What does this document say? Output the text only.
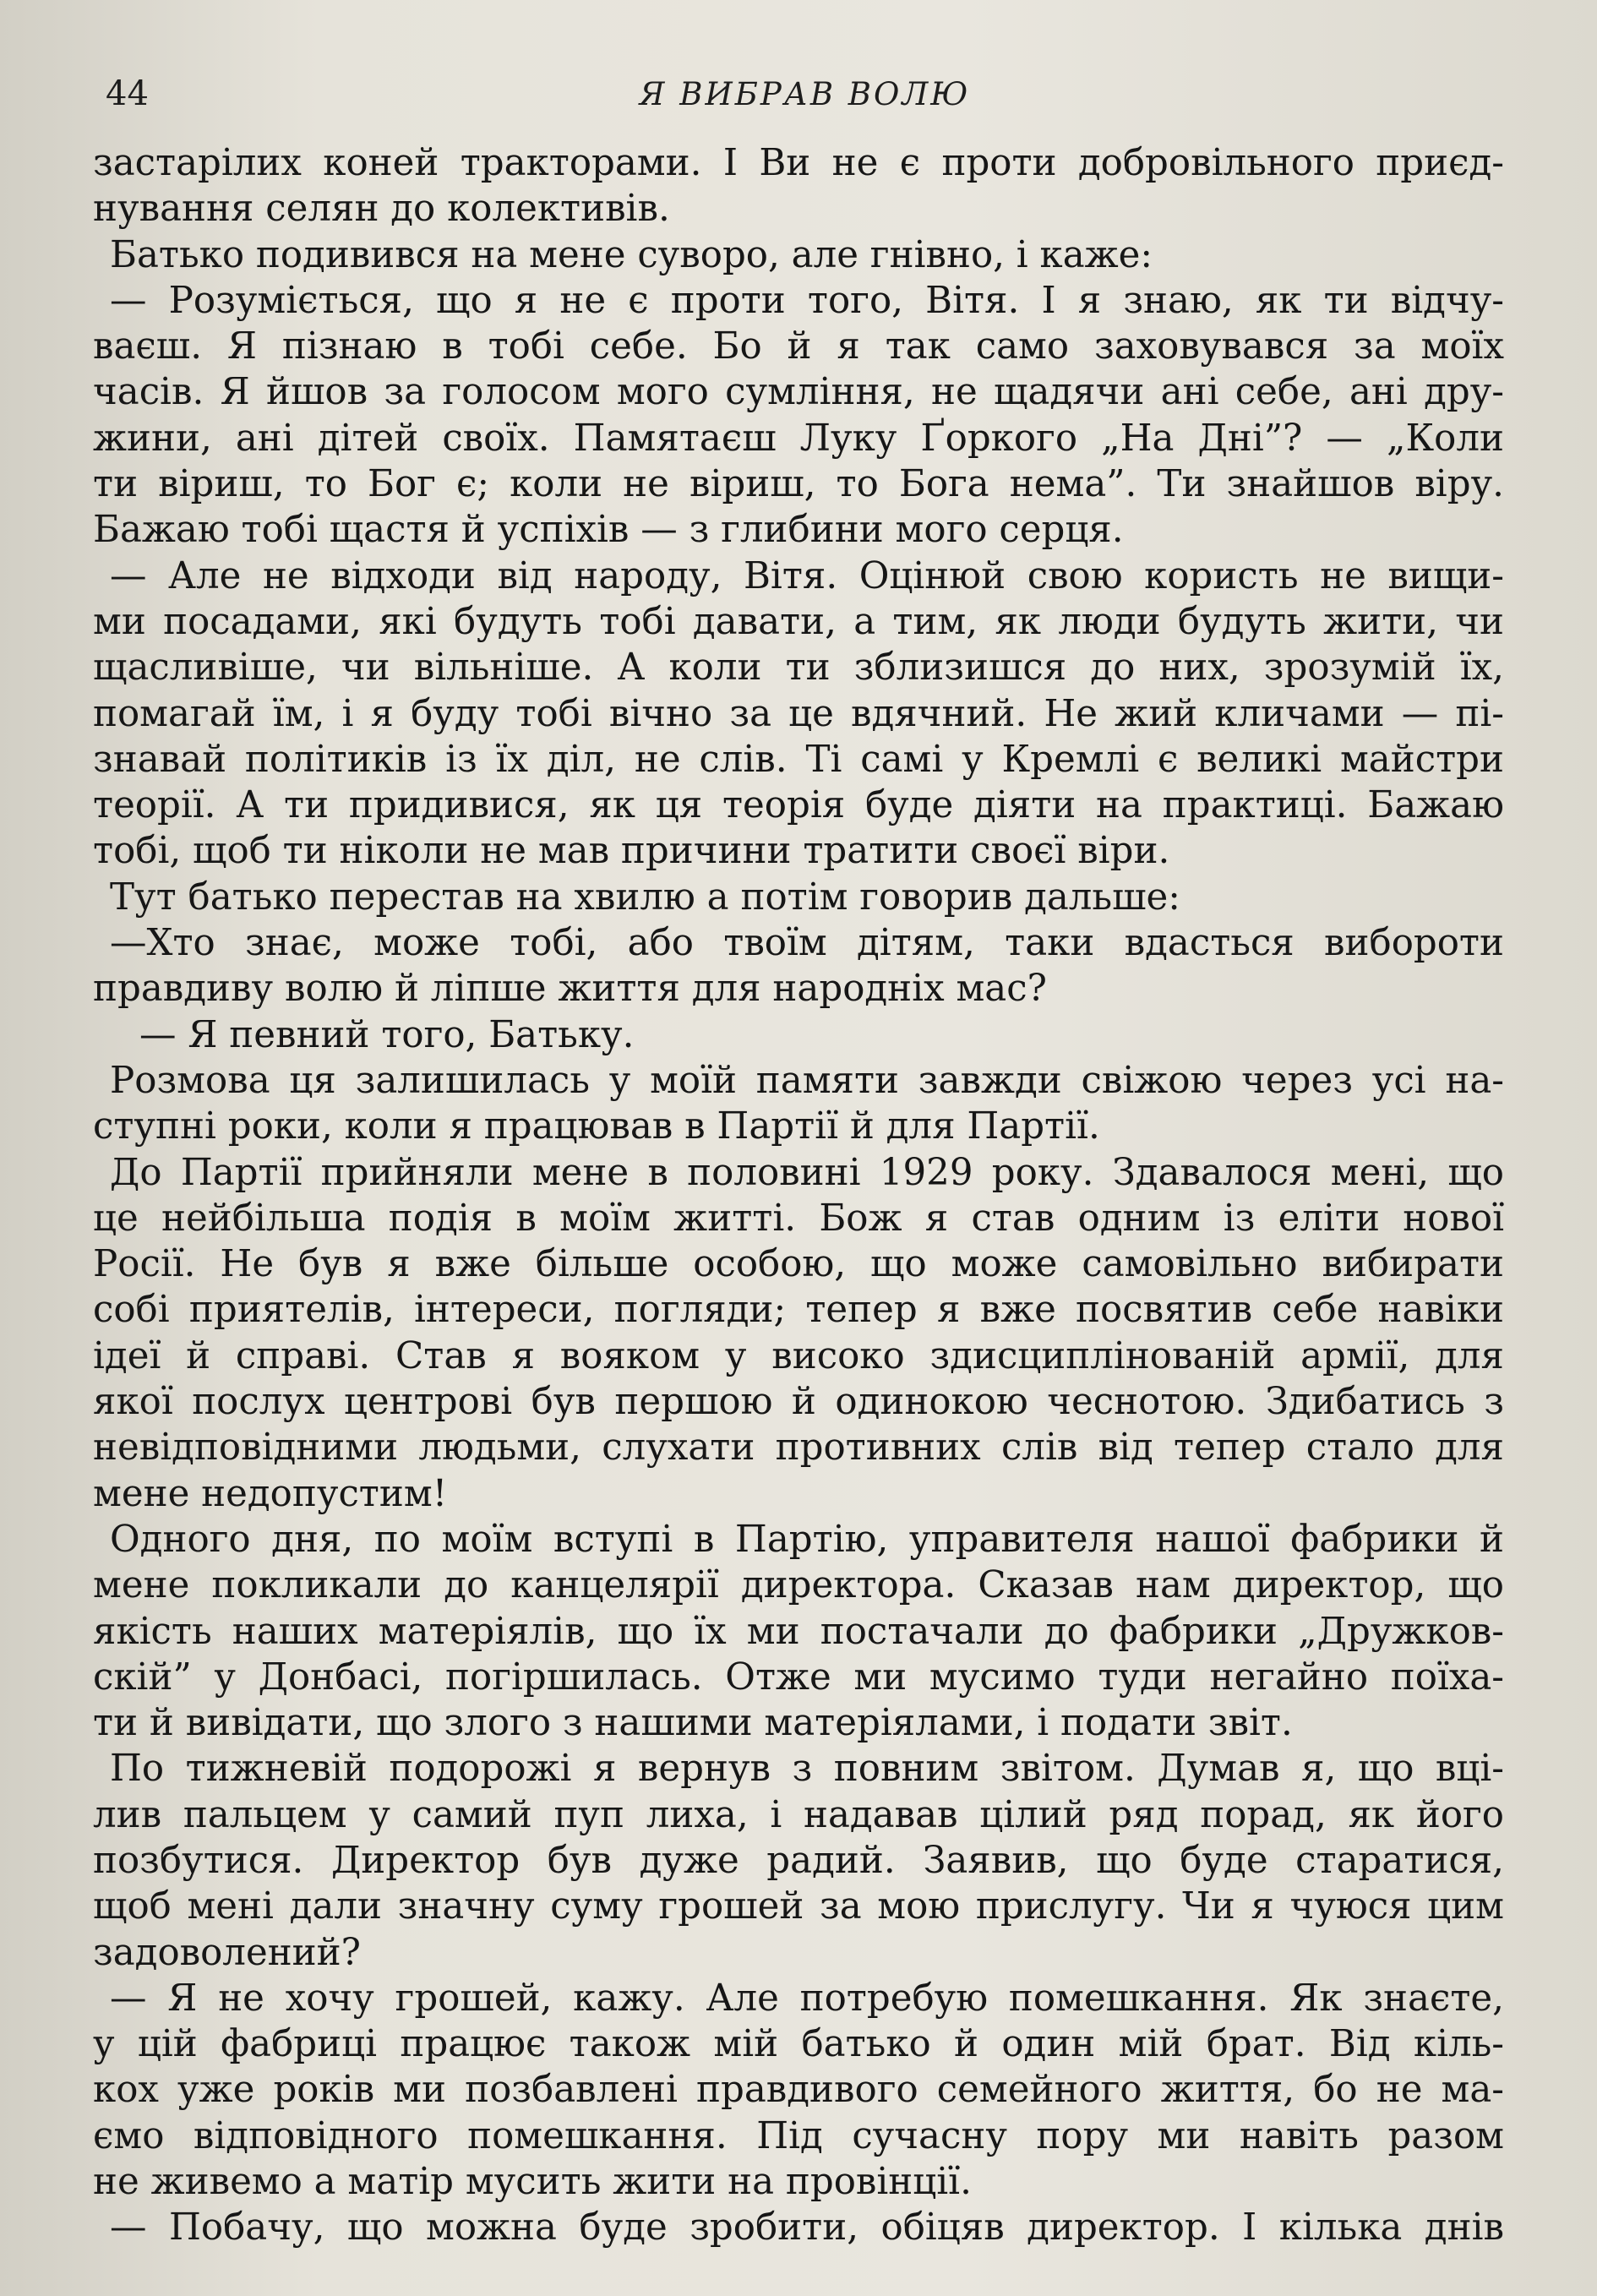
44	Я ВИБРАВ ВОЛЮ
застарілих коней тракторами. І Ви не є проти добровільного приєд-
нування селян до колективів.
Батько подивився на мене суворо, але гнівно, і каже:
— Розуміється, що я не є проти того, Вітя. І я знаю, як ти відчу-
ваєш. Я пізнаю в тобі себе. Бо й я так само заховувався за моїх
часів. Я йшов за голосом мого сумління, не щадячи ані себе, ані дру-
жини, ані дітей своїх. Памятаєш Луку Ґоркого „На Дні”? — „Коли
ти віриш, то Бог є; коли не віриш, то Бога нема”. Ти знайшов віру.
Бажаю тобі щастя й успіхів — з глибини мого серця.
— Але не відходи від народу, Вітя. Оцінюй свою користь не вищи-
ми посадами, які будуть тобі давати, а тим, як люди будуть жити, чи
щасливіше, чи вільніше. А коли ти зблизишся до них, зрозумій їх,
помагай їм, і я буду тобі вічно за це вдячний. Не жий кличами — пі-
знавай політиків із їх діл, не слів. Ті самі у Кремлі є великі майстри
теорії. А ти придивися, як ця теорія буде діяти на практиці. Бажаю
тобі, щоб ти ніколи не мав причини тратити своєї віри.
Тут батько перестав на хвилю а потім говорив дальше:
—Хто знає, може тобі, або твоїм дітям, таки вдасться вибороти
правдиву волю й ліпше життя для народніх мас?
— Я певний того, Батьку.
Розмова ця залишилась у моїй памяти завжди свіжою через усі на-
ступні роки, коли я працював в Партії й для Партії.
До Партії прийняли мене в половині 1929 року. Здавалося мені, що
це нейбільша подія в моїм житті. Бож я став одним із еліти нової
Росії. Не був я вже більше особою, що може самовільно вибирати
собі приятелів, інтереси, погляди; тепер я вже посвятив себе навіки
ідеї й справі. Став я вояком у високо здисциплінованій армії, для
якої послух центрові був першою й одинокою чеснотою. Здибатись з
невідповідними людьми, слухати противних слів від тепер стало для
мене недопустим!
Одного дня, по моїм вступі в Партію, управителя нашої фабрики й
мене покликали до канцелярії директора. Сказав нам директор, що
якість наших матеріялів, що їх ми постачали до фабрики „Дружков-
скій” у Донбасі, погіршилась. Отже ми мусимо туди негайно поїха-
ти й вивідати, що злого з нашими матеріялами, і подати звіт.
По тижневій подорожі я вернув з повним звітом. Думав я, що вці-
лив пальцем у самий пуп лиха, і надавав цілий ряд порад, як його
позбутися. Директор був дуже радий. Заявив, що буде старатися,
щоб мені дали значну суму грошей за мою прислугу. Чи я чуюся цим
задоволений?
— Я не хочу грошей, кажу. Але потребую помешкання. Як знаєте,
у цій фабриці працює також мій батько й один мій брат. Від кіль-
кох уже років ми позбавлені правдивого семейного життя, бо не ма-
ємо відповідного помешкання. Під сучасну пору ми навіть разом
не живемо а матір мусить жити на провінції.
— Побачу, що можна буде зробити, обіцяв директор. І кілька днів
